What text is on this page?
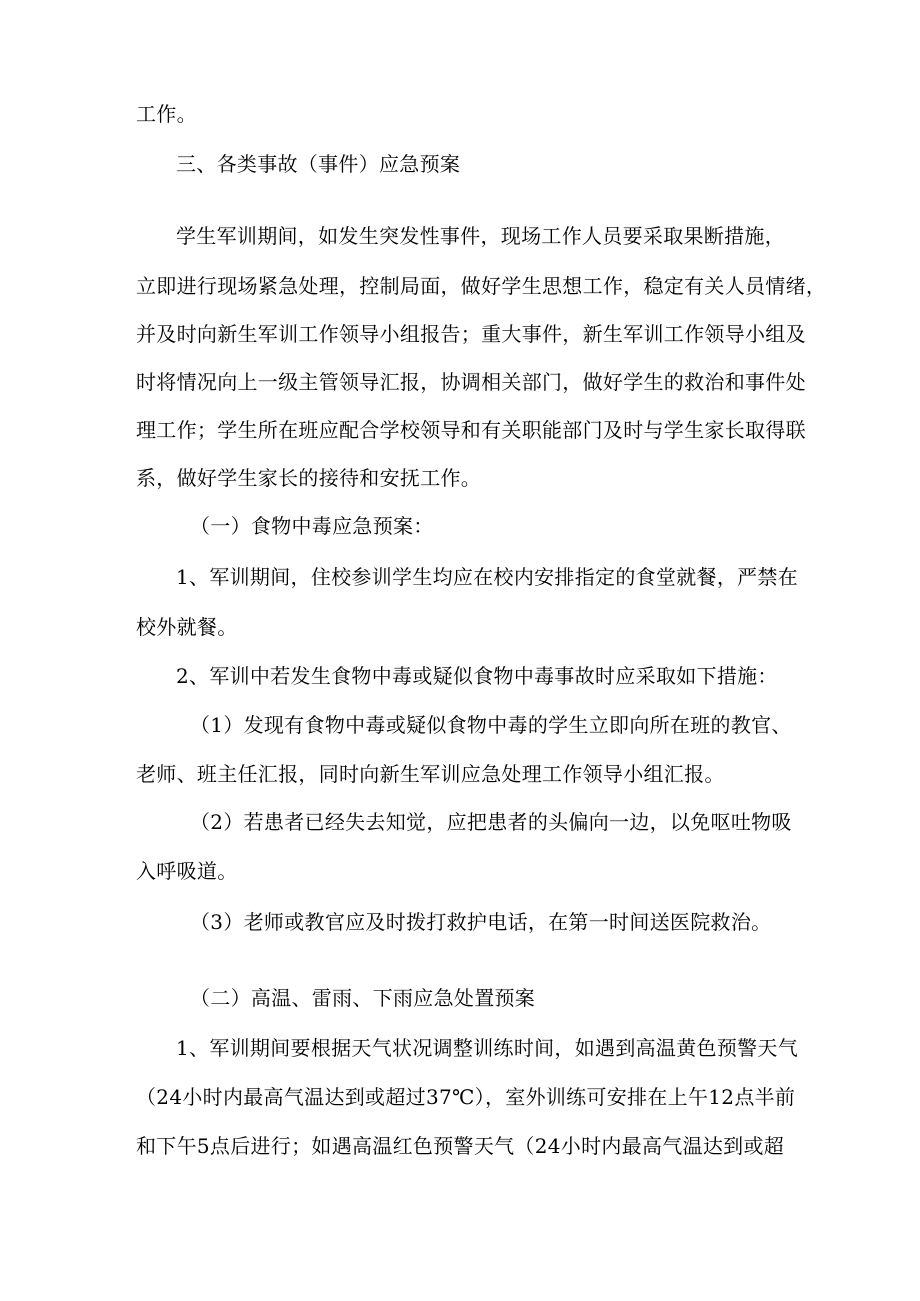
工作。
三、各类事故（事件）应急预案
学生军训期间，如发生突发性事件，现场工作人员要采取果断措施，
立即进行现场紧急处理，控制局面，做好学生思想工作，稳定有关人员情绪，
并及时向新生军训工作领导小组报告；重大事件，新生军训工作领导小组及
时将情况向上一级主管领导汇报，协调相关部门，做好学生的救治和事件处
理工作；学生所在班应配合学校领导和有关职能部门及时与学生家长取得联
系，做好学生家长的接待和安抚工作。
（一）食物中毒应急预案：
1、军训期间，住校参训学生均应在校内安排指定的食堂就餐，严禁在
校外就餐。
2、军训中若发生食物中毒或疑似食物中毒事故时应采取如下措施：
（1）发现有食物中毒或疑似食物中毒的学生立即向所在班的教官、
老师、班主任汇报，同时向新生军训应急处理工作领导小组汇报。
（2）若患者已经失去知觉，应把患者的头偏向一边，以免呕吐物吸
入呼吸道。
（3）老师或教官应及时拨打救护电话，在第一时间送医院救治。
（二）高温、雷雨、下雨应急处置预案
1、军训期间要根据天气状况调整训练时间，如遇到高温黄色预警天气
（24小时内最高气温达到或超过37℃），室外训练可安排在上午12点半前
和下午5点后进行；如遇高温红色预警天气（24小时内最高气温达到或超
